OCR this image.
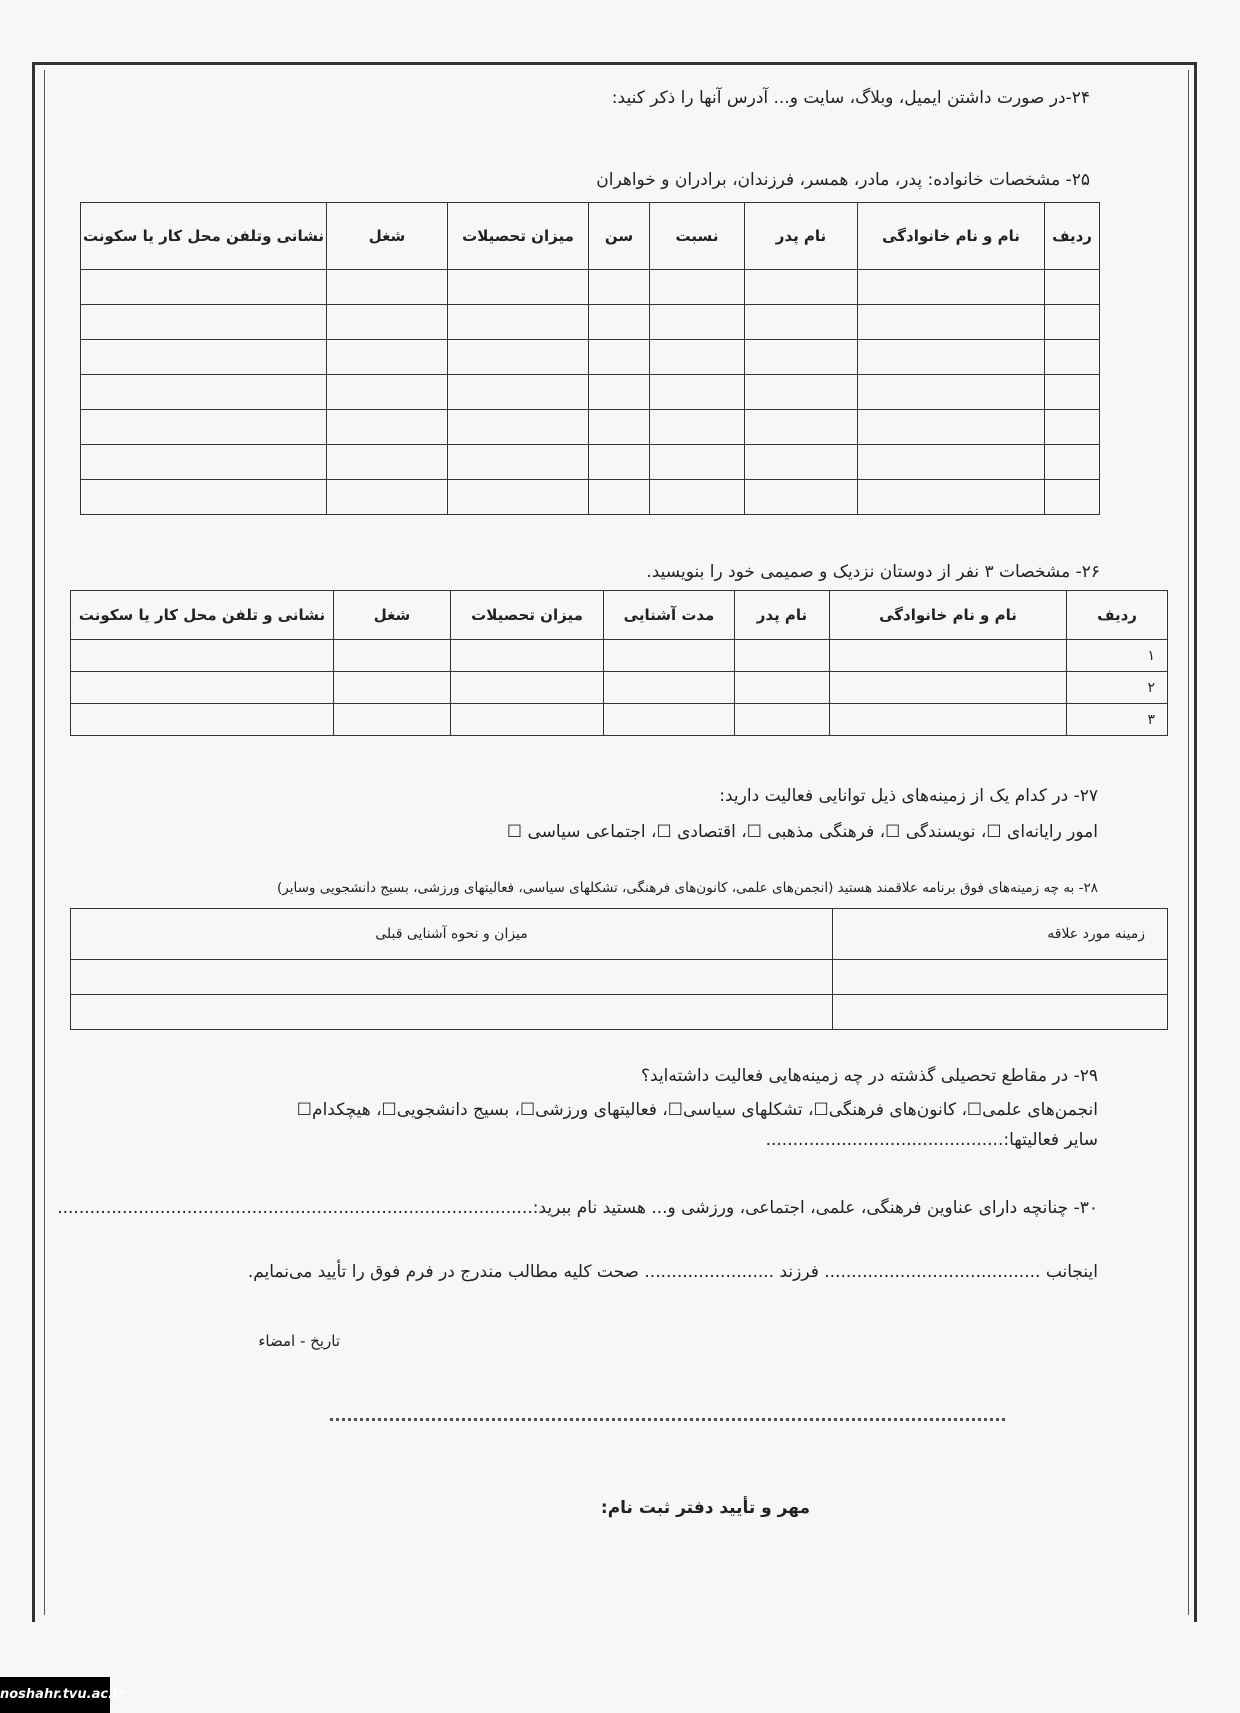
۲۴-در صورت داشتن ایمیل، وبلاگ، سایت و... آدرس آنها را ذکر کنید:
۲۵- مشخصات خانواده: پدر، مادر، همسر، فرزندان، برادران و خواهران
ردیف	نام و نام خانوادگی	نام پدر	نسبت	سن	میزان تحصیلات	شغل	نشانی وتلفن محل کار یا سکونت

۲۶- مشخصات ۳ نفر از دوستان نزدیک و صمیمی خود را بنویسید.
ردیف	نام و نام خانوادگی	نام پدر	مدت آشنایی	میزان تحصیلات	شغل	نشانی و تلفن محل کار یا سکونت
۱						
۲						
۳						
۲۷- در کدام یک از زمینه‌های ذیل توانایی فعالیت دارید:
امور رایانه‌ای ☐، نویسندگی ☐، فرهنگی مذهبی ☐، اقتصادی ☐، اجتماعی سیاسی ☐
۲۸- به چه زمینه‌های فوق برنامه علاقمند هستید (انجمن‌های علمی، کانون‌های فرهنگی، تشکلهای سیاسی، فعالیتهای ورزشی، بسیج دانشجویی وسایر)
زمینه مورد علاقه	میزان و نحوه آشنایی قبلی

۲۹- در مقاطع تحصیلی گذشته در چه زمینه‌هایی فعالیت داشته‌اید؟
انجمن‌های علمی☐، کانون‌های فرهنگی☐، تشکلهای سیاسی☐، فعالیتهای ورزشی☐، بسیج دانشجویی☐، هیچکدام☐
سایر فعالیتها:............................................
۳۰- چنانچه دارای عناوین فرهنگی، علمی، اجتماعی، ورزشی و... هستید نام ببرید:........................................................................................
اینجانب ........................................ فرزند ........................ صحت کلیه مطالب مندرج در فرم فوق را تأیید می‌نمایم.
تاریخ - امضاء
مهر و تأیید دفتر ثبت نام:
noshahr.tvu.ac.ir
